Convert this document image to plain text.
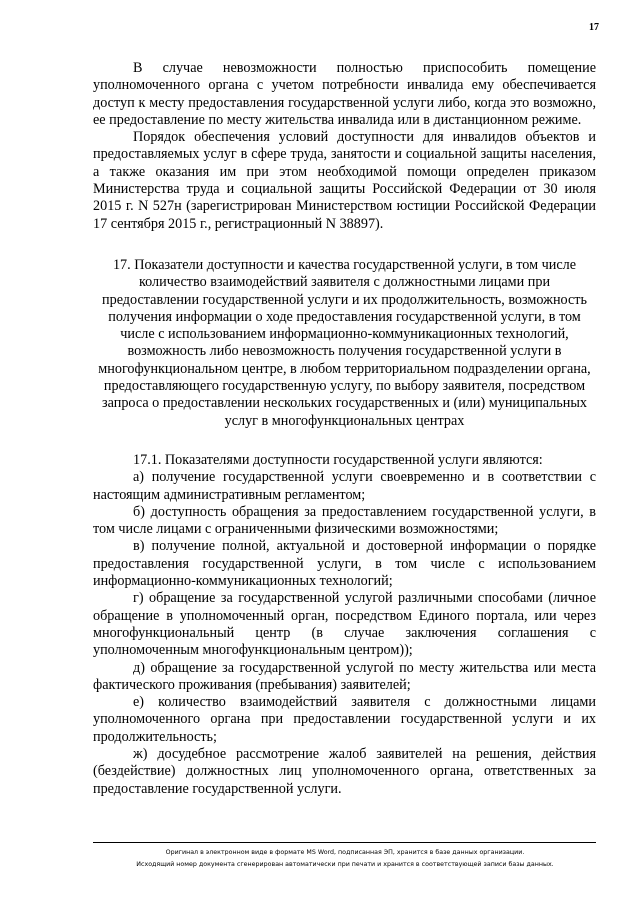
17

В случае невозможности полностью приспособить помещение уполномоченного органа с учетом потребности инвалида ему обеспечивается доступ к месту предоставления государственной услуги либо, когда это возможно, ее предоставление по месту жительства инвалида или в дистанционном режиме.

Порядок обеспечения условий доступности для инвалидов объектов и предоставляемых услуг в сфере труда, занятости и социальной защиты населения, а также оказания им при этом необходимой помощи определен приказом Министерства труда и социальной защиты Российской Федерации от 30 июля 2015 г. N 527н (зарегистрирован Министерством юстиции Российской Федерации 17 сентября 2015 г., регистрационный N 38897).

17. Показатели доступности и качества государственной услуги, в том числе количество взаимодействий заявителя с должностными лицами при предоставлении государственной услуги и их продолжительность, возможность получения информации о ходе предоставления государственной услуги, в том числе с использованием информационно-коммуникационных технологий, возможность либо невозможность получения государственной услуги в многофункциональном центре, в любом территориальном подразделении органа, предоставляющего государственную услугу, по выбору заявителя, посредством запроса о предоставлении нескольких государственных и (или) муниципальных услуг в многофункциональных центрах

17.1. Показателями доступности государственной услуги являются:

а) получение государственной услуги своевременно и в соответствии с настоящим административным регламентом;

б) доступность обращения за предоставлением государственной услуги, в том числе лицами с ограниченными физическими возможностями;

в) получение полной, актуальной и достоверной информации о порядке предоставления государственной услуги, в том числе с использованием информационно-коммуникационных технологий;

г) обращение за государственной услугой различными способами (личное обращение в уполномоченный орган, посредством Единого портала, или через многофункциональный центр (в случае заключения соглашения с уполномоченным многофункциональным центром));

д) обращение за государственной услугой по месту жительства или места фактического проживания (пребывания) заявителей;

е) количество взаимодействий заявителя с должностными лицами уполномоченного органа при предоставлении государственной услуги и их продолжительность;

ж) досудебное рассмотрение жалоб заявителей на решения, действия (бездействие) должностных лиц уполномоченного органа, ответственных за предоставление государственной услуги.

Оригинал в электронном виде в формате MS Word, подписанная ЭП, хранится в базе данных организации.
Исходящий номер документа сгенерирован автоматически при печати и хранится в соответствующей записи базы данных.
